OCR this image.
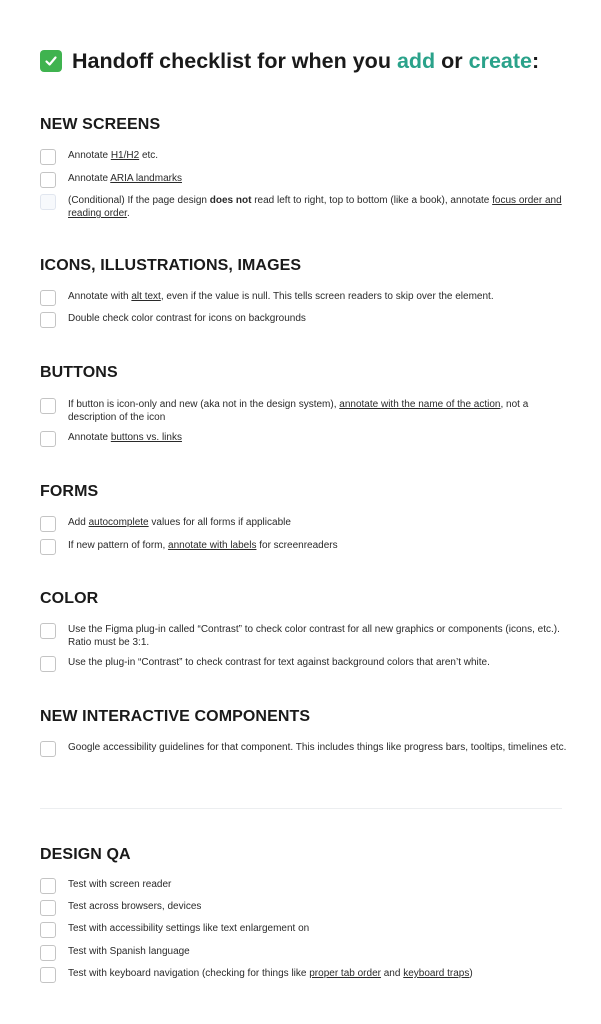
Handoff checklist for when you add or create:
NEW SCREENS
Annotate H1/H2 etc.
Annotate ARIA landmarks
(Conditional) If the page design does not read left to right, top to bottom (like a book), annotate focus order and reading order.
ICONS, ILLUSTRATIONS, IMAGES
Annotate with alt text, even if the value is null. This tells screen readers to skip over the element.
Double check color contrast for icons on backgrounds
BUTTONS
If button is icon-only and new (aka not in the design system), annotate with the name of the action, not a description of the icon
Annotate buttons vs. links
FORMS
Add autocomplete values for all forms if applicable
If new pattern of form, annotate with labels for screenreaders
COLOR
Use the Figma plug-in called “Contrast” to check color contrast for all new graphics or components (icons, etc.). Ratio must be 3:1.
Use the plug-in “Contrast” to check contrast for text against background colors that aren’t white.
NEW INTERACTIVE COMPONENTS
Google accessibility guidelines for that component. This includes things like progress bars, tooltips, timelines etc.
DESIGN QA
Test with screen reader
Test across browsers, devices
Test with accessibility settings like text enlargement on
Test with Spanish language
Test with keyboard navigation (checking for things like proper tab order and keyboard traps)
